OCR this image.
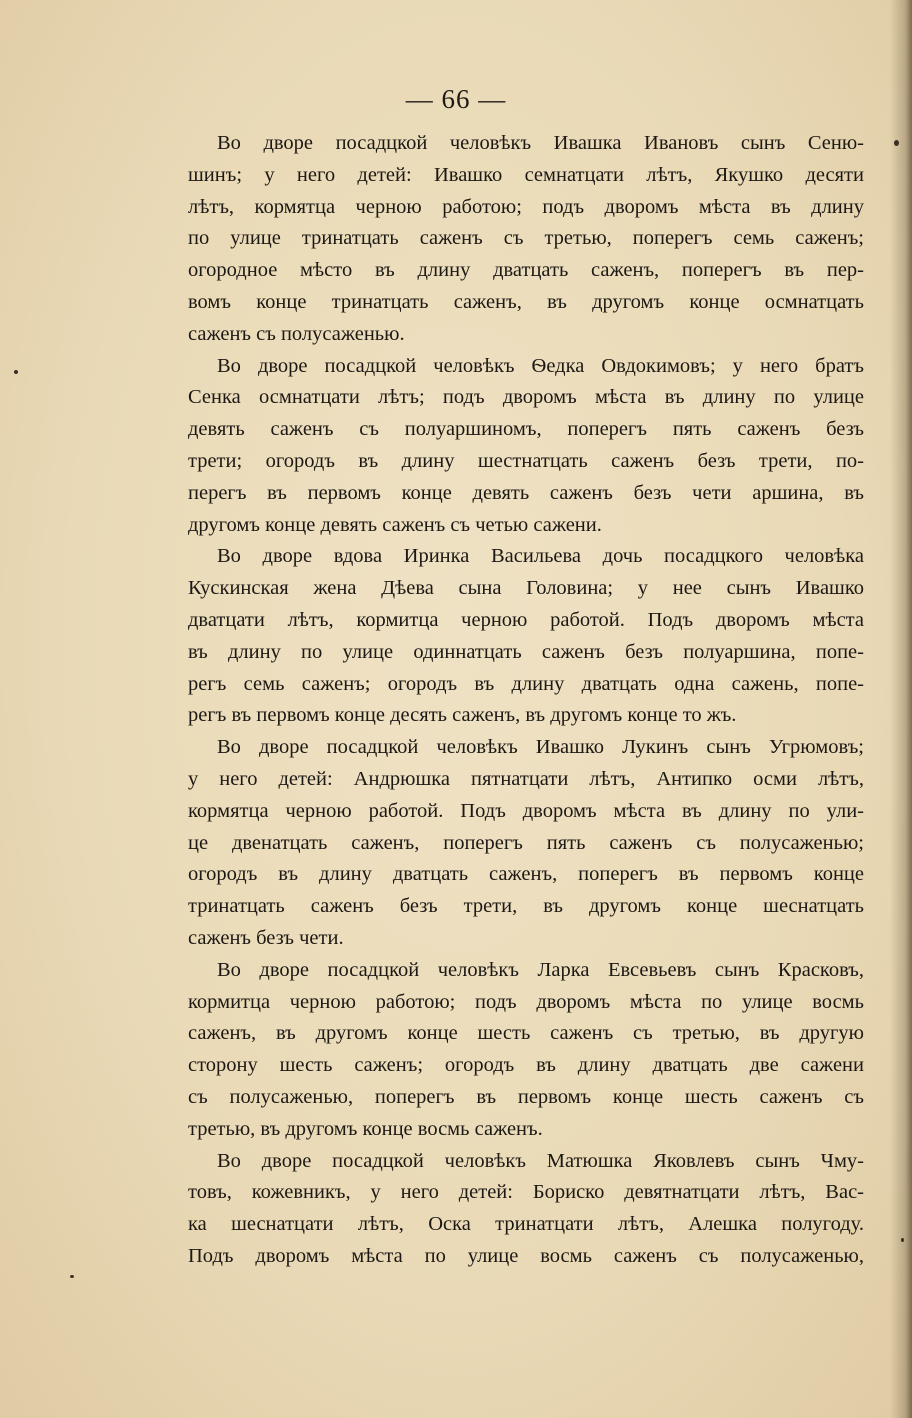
— 66 —
Во дворе посадцкой человѣкъ Ивашка Ивановъ сынъ Сеню-
шинъ; у него детей: Ивашко семнатцати лѣтъ, Якушко десяти
лѣтъ, кормятца черною работою; подъ дворомъ мѣста въ длину
по улице тринатцать саженъ съ третью, поперегъ семь саженъ;
огородное мѣсто въ длину дватцать саженъ, поперегъ въ пер-
вомъ конце тринатцать саженъ, въ другомъ конце осмнатцать
саженъ съ полусаженью.
Во дворе посадцкой человѣкъ Ѳедка Овдокимовъ; у него братъ
Сенка осмнатцати лѣтъ; подъ дворомъ мѣста въ длину по улице
девять саженъ съ полуаршиномъ, поперегъ пять саженъ безъ
трети; огородъ въ длину шестнатцать саженъ безъ трети, по-
перегъ въ первомъ конце девять саженъ безъ чети аршина, въ
другомъ конце девять саженъ съ четью сажени.
Во дворе вдова Иринка Васильева дочь посадцкого человѣка
Кускинская жена Дѣева сына Головина; у нее сынъ Ивашко
дватцати лѣтъ, кормитца черною работой. Подъ дворомъ мѣста
въ длину по улице одиннатцать саженъ безъ полуаршина, попе-
регъ семь саженъ; огородъ въ длину дватцать одна сажень, попе-
регъ въ первомъ конце десять саженъ, въ другомъ конце то жъ.
Во дворе посадцкой человѣкъ Ивашко Лукинъ сынъ Угрюмовъ;
у него детей: Андрюшка пятнатцати лѣтъ, Антипко осми лѣтъ,
кормятца черною работой. Подъ дворомъ мѣста въ длину по ули-
це двенатцать саженъ, поперегъ пять саженъ съ полусаженью;
огородъ въ длину дватцать саженъ, поперегъ въ первомъ конце
тринатцать саженъ безъ трети, въ другомъ конце шеснатцать
саженъ безъ чети.
Во дворе посадцкой человѣкъ Ларка Евсевьевъ сынъ Красковъ,
кормитца черною работою; подъ дворомъ мѣста по улице восмь
саженъ, въ другомъ конце шесть саженъ съ третью, въ другую
сторону шесть саженъ; огородъ въ длину дватцать две сажени
съ полусаженью, поперегъ въ первомъ конце шесть саженъ съ
третью, въ другомъ конце восмь саженъ.
Во дворе посадцкой человѣкъ Матюшка Яковлевъ сынъ Чму-
товъ, кожевникъ, у него детей: Бориско девятнатцати лѣтъ, Вас-
ка шеснатцати лѣтъ, Оска тринатцати лѣтъ, Алешка полугоду.
Подъ дворомъ мѣста по улице восмь саженъ съ полусаженью,
